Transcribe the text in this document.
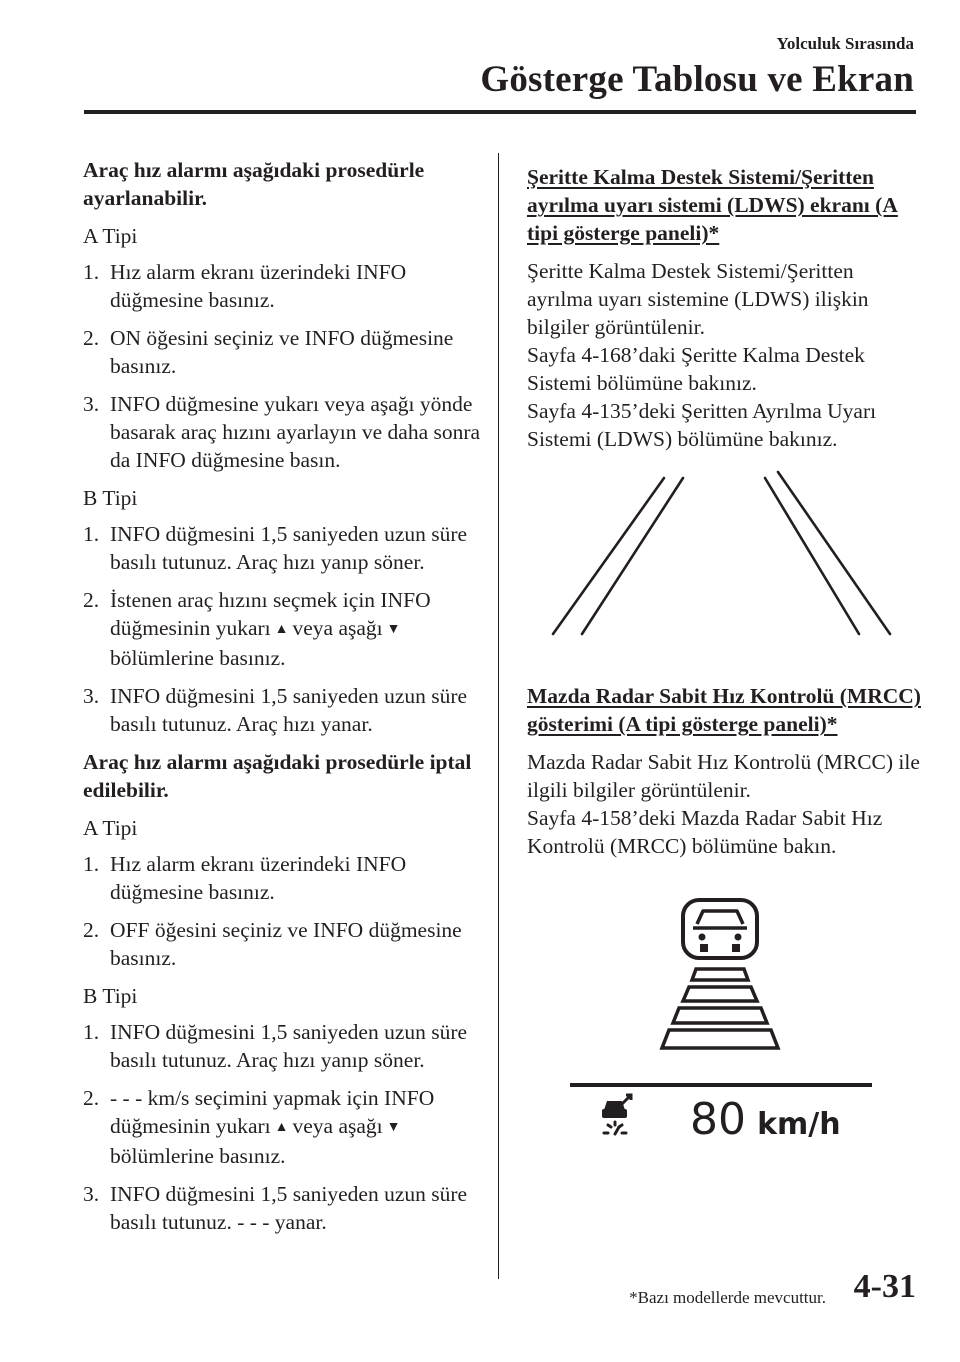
Yolculuk Sırasında
Gösterge Tablosu ve Ekran

Araç hız alarmı aşağıdaki prosedürle ayarlanabilir.

A Tipi

1. Hız alarm ekranı üzerindeki INFO düğmesine basınız.

2. ON öğesini seçiniz ve INFO düğmesine basınız.

3. INFO düğmesine yukarı veya aşağı yönde basarak araç hızını ayarlayın ve daha sonra da INFO düğmesine basın.

B Tipi

1. INFO düğmesini 1,5 saniyeden uzun süre basılı tutunuz. Araç hızı yanıp söner.

2. İstenen araç hızını seçmek için INFO düğmesinin yukarı ▲ veya aşağı ▼ bölümlerine basınız.

3. INFO düğmesini 1,5 saniyeden uzun süre basılı tutunuz. Araç hızı yanar.

Araç hız alarmı aşağıdaki prosedürle iptal edilebilir.

A Tipi

1. Hız alarm ekranı üzerindeki INFO düğmesine basınız.

2. OFF öğesini seçiniz ve INFO düğmesine basınız.

B Tipi

1. INFO düğmesini 1,5 saniyeden uzun süre basılı tutunuz. Araç hızı yanıp söner.

2. - - - km/s seçimini yapmak için INFO düğmesinin yukarı ▲ veya aşağı ▼ bölümlerine basınız.

3. INFO düğmesini 1,5 saniyeden uzun süre basılı tutunuz. - - - yanar.

Şeritte Kalma Destek Sistemi/Şeritten ayrılma uyarı sistemi (LDWS) ekranı (A tipi gösterge paneli)*

Şeritte Kalma Destek Sistemi/Şeritten ayrılma uyarı sistemine (LDWS) ilişkin bilgiler görüntülenir.

Sayfa 4-168’daki Şeritte Kalma Destek Sistemi bölümüne bakınız.

Sayfa 4-135’deki Şeritten Ayrılma Uyarı Sistemi (LDWS) bölümüne bakınız.

Mazda Radar Sabit Hız Kontrolü (MRCC) gösterimi (A tipi gösterge paneli)*

Mazda Radar Sabit Hız Kontrolü (MRCC) ile ilgili bilgiler görüntülenir.

Sayfa 4-158’deki Mazda Radar Sabit Hız Kontrolü (MRCC) bölümüne bakın.

80 km/h
*Bazı modellerde mevcuttur. 4-31
